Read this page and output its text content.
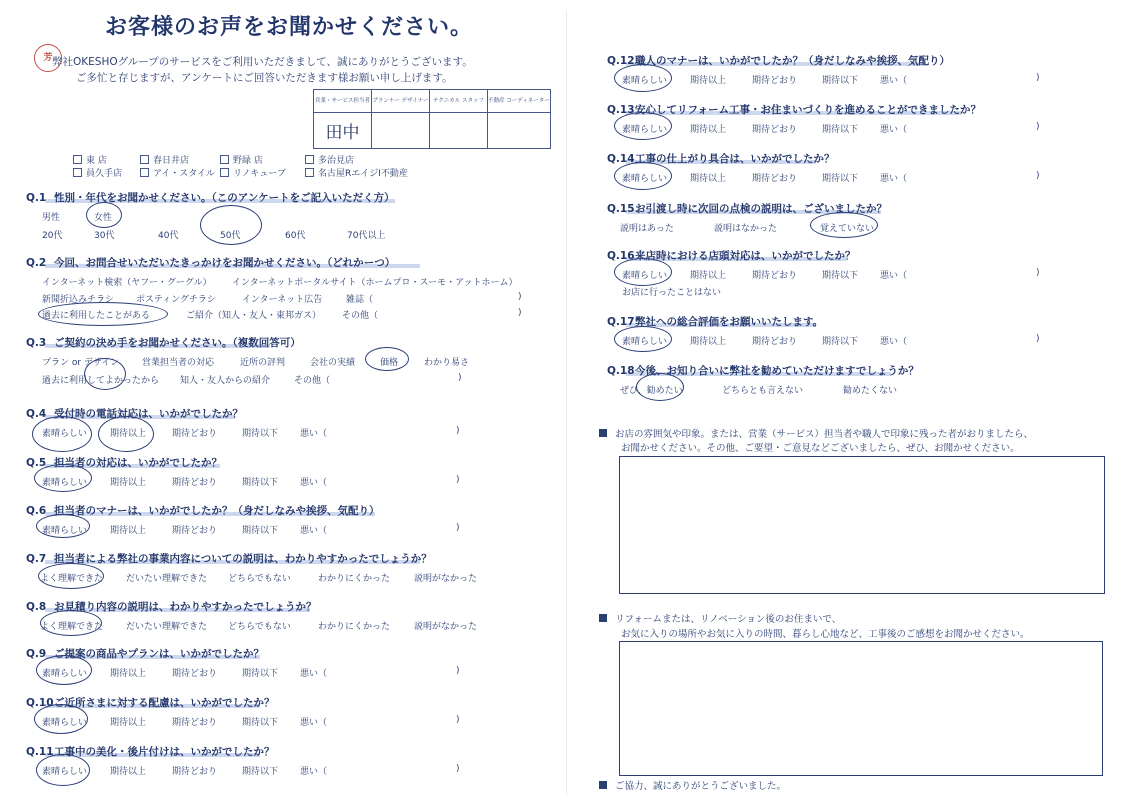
お客様のお声をお聞かせください。
芳 弊社OKESHOグループのサービスをご利用いただきまして、誠にありがとうございます。
ご多忙と存じますが、アンケートにご回答いただきます様お願い申し上げます。
営業・サービス担当者	プランナー デザイナー	テクニカル スタッフ	不動産 コーディネーター
田中			
東 店	春日井店	野緑 店	多治見店
員久手店	アイ・スタイル	リノキューブ	名古屋RエイジI不動産
Q.1 性別・年代をお聞かせください。（このアンケートをご記入いただく方）
男性	女性
20代	30代	40代	50代	60代	70代以上
Q.2 今回、お問合せいただいたきっかけをお聞かせください。（どれかーつ）
インターネット検索（ヤフー・グーグル） インターネットポータルサイト（ホームプロ・スーモ・アットホーム）
新聞折込みチラシ ポスティングチラシ	インターネット広告	雑誌（	)
過去に利用したことがある	ご紹介（知人・友人・東邦ガス） その他（	)
Q.3 ご契約の決め手をお聞かせください。（複数回答可）
プラン or デザイン	営業担当者の対応	近所の評判	会社の実績	価格	わかり易さ
過去に利用してよかったから 知人・友人からの紹介	その他（	)
Q.4 受付時の電話対応は、いかがでしたか？
素晴らしい	期待以上	期待どおり	期待以下 悪い（	)
Q.5 担当者の対応は、いかがでしたか？
素晴らしい	期待以上	期待どおり	期待以下 悪い（	)
Q.6 担当者のマナーは、いかがでしたか？（身だしなみや挨拶、気配り）
素晴らしい	期待以上	期待どおり	期待以下 悪い（	)
Q.7 担当者による弊社の事業内容についての説明は、わかりやすかったでしょうか？
よく理解できた	だいたい理解できた どちらでもない	わかりにくかった	説明がなかった
Q.8 お見積り内容の説明は、わかりやすかったでしょうか？
よく理解できた	だいたい理解できた どちらでもない	わかりにくかった	説明がなかった
Q.9 ご提案の商品やプランは、いかがでしたか？
素晴らしい	期待以上	期待どおり	期待以下 悪い（	)
Q.10ご近所さまに対する配慮は、いかがでしたか？
素晴らしい	期待以上	期待どおり	期待以下 悪い（	)
Q.11工事中の美化・後片付けは、いかがでしたか？
素晴らしい	期待以上	期待どおり	期待以下 悪い（	)
Q.12職人のマナーは、いかがでしたか？（身だしなみや挨拶、気配り）
素晴らしい	期待以上	期待どおり	期待以下 悪い（	)
Q.13安心してリフォーム工事・お住まいづくりを進めることができましたか？
素晴らしい	期待以上	期待どおり	期待以下 悪い（	)
Q.14工事の仕上がり具合は、いかがでしたか？
素晴らしい	期待以上	期待どおり	期待以下 悪い（	)
Q.15お引渡し時に次回の点検の説明は、ございましたか？
説明はあった	説明はなかった	覚えていない
Q.16来店時における店頭対応は、いかがでしたか？
素晴らしい	期待以上	期待どおり	期待以下 悪い（	)
お店に行ったことはない
Q.17弊社への総合評価をお願いいたします。
素晴らしい	期待以上	期待どおり	期待以下 悪い（	)
Q.18今後、お知り合いに弊社を勧めていただけますでしょうか？
ぜひ、勧めたい	どちらとも言えない	勧めたくない
お店の雰囲気や印象。または、営業（サービス）担当者や職人で印象に残った者がおりましたら、
お聞かせください。その他、ご要望・ご意見などございましたら、ぜひ、お聞かせください。
リフォームまたは、リノベーション後のお住まいで、
お気に入りの場所やお気に入りの時間、暮らし心地など、工事後のご感想をお聞かせください。
ご協力、誠にありがとうございました。
